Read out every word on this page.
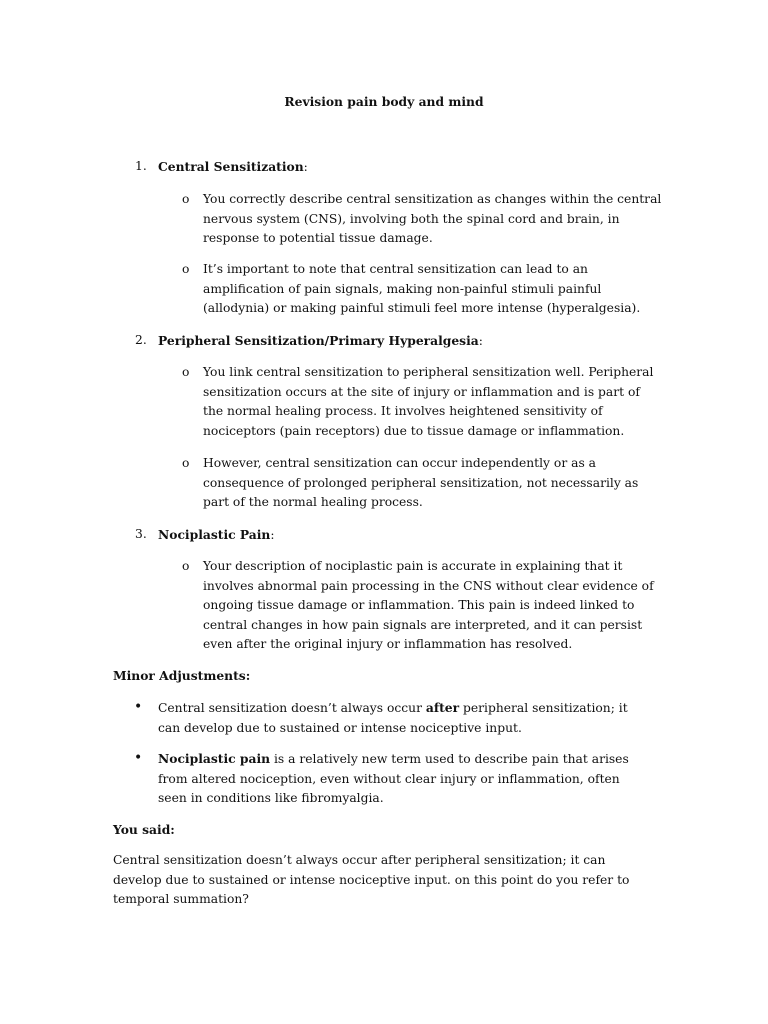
Revision pain body and mind
1. Central Sensitization:
o You correctly describe central sensitization as changes within the central nervous system (CNS), involving both the spinal cord and brain, in response to potential tissue damage.
o It’s important to note that central sensitization can lead to an amplification of pain signals, making non-painful stimuli painful (allodynia) or making painful stimuli feel more intense (hyperalgesia).
2. Peripheral Sensitization/Primary Hyperalgesia:
o You link central sensitization to peripheral sensitization well. Peripheral sensitization occurs at the site of injury or inflammation and is part of the normal healing process. It involves heightened sensitivity of nociceptors (pain receptors) due to tissue damage or inflammation.
o However, central sensitization can occur independently or as a consequence of prolonged peripheral sensitization, not necessarily as part of the normal healing process.
3. Nociplastic Pain:
o Your description of nociplastic pain is accurate in explaining that it involves abnormal pain processing in the CNS without clear evidence of ongoing tissue damage or inflammation. This pain is indeed linked to central changes in how pain signals are interpreted, and it can persist even after the original injury or inflammation has resolved.
Minor Adjustments:
• Central sensitization doesn’t always occur after peripheral sensitization; it can develop due to sustained or intense nociceptive input.
• Nociplastic pain is a relatively new term used to describe pain that arises from altered nociception, even without clear injury or inflammation, often seen in conditions like fibromyalgia.
You said:
Central sensitization doesn’t always occur after peripheral sensitization; it can develop due to sustained or intense nociceptive input. on this point do you refer to temporal summation?
